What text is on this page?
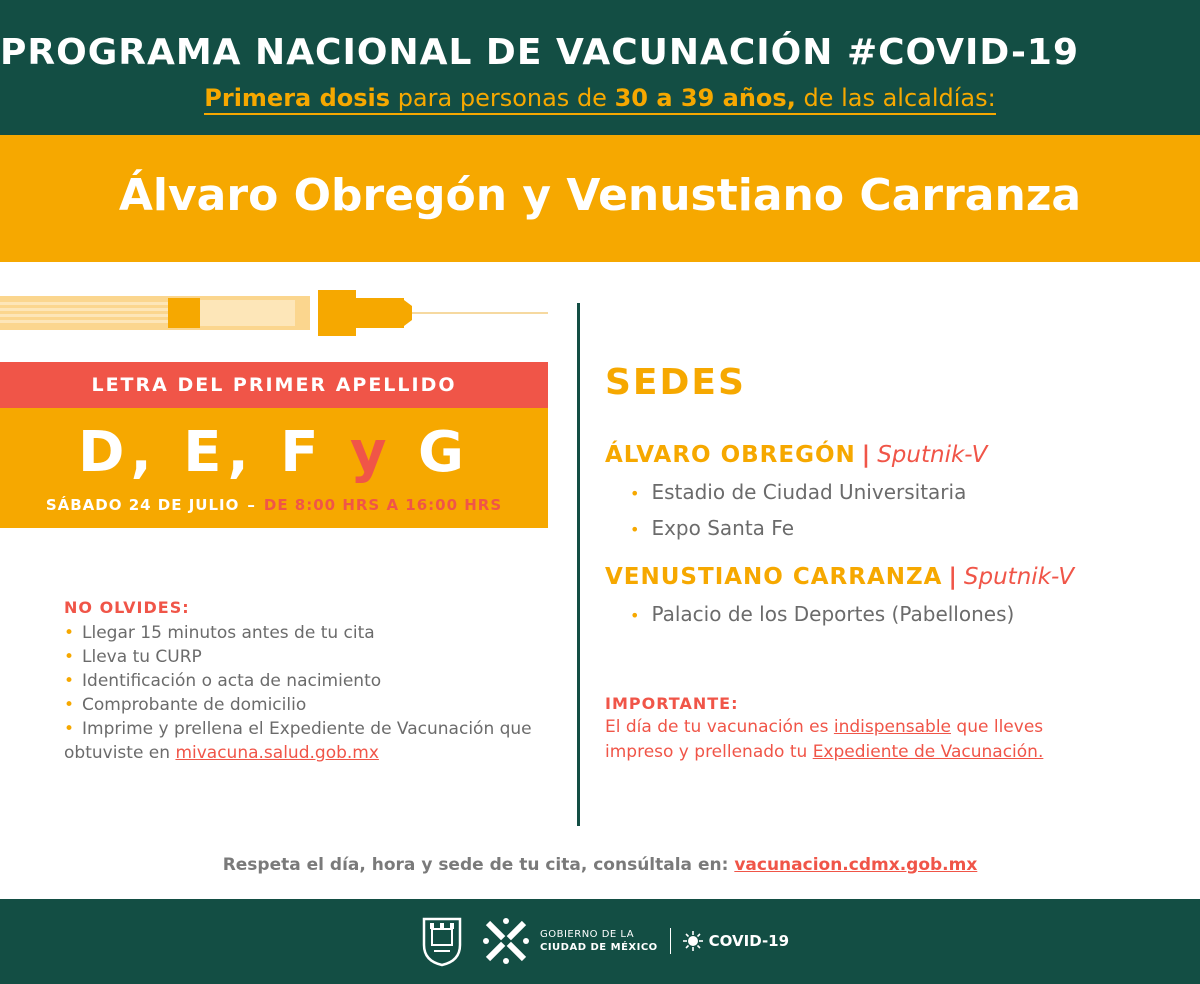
PROGRAMA NACIONAL DE VACUNACIÓN #COVID-19
Primera dosis para personas de 30 a 39 años, de las alcaldías:
Álvaro Obregón y Venustiano Carranza
LETRA DEL PRIMER APELLIDO
D, E, F y G
SÁBADO 24 DE JULIO – DE 8:00 HRS A 16:00 HRS
NO OLVIDES:
• Llegar 15 minutos antes de tu cita
• Lleva tu CURP
• Identificación o acta de nacimiento
• Comprobante de domicilio
• Imprime y prellena el Expediente de Vacunación que
obtuviste en mivacuna.salud.gob.mx
SEDES
ÁLVARO OBREGÓN | Sputnik-V
• Estadio de Ciudad Universitaria
• Expo Santa Fe
VENUSTIANO CARRANZA | Sputnik-V
• Palacio de los Deportes (Pabellones)
IMPORTANTE:

El día de tu vacunación es indispensable que lleves
impreso y prellenado tu Expediente de Vacunación.

Respeta el día, hora y sede de tu cita, consúltala en: vacunacion.cdmx.gob.mx
GOBIERNO DE LA
CIUDAD DE MÉXICO	COVID-19
